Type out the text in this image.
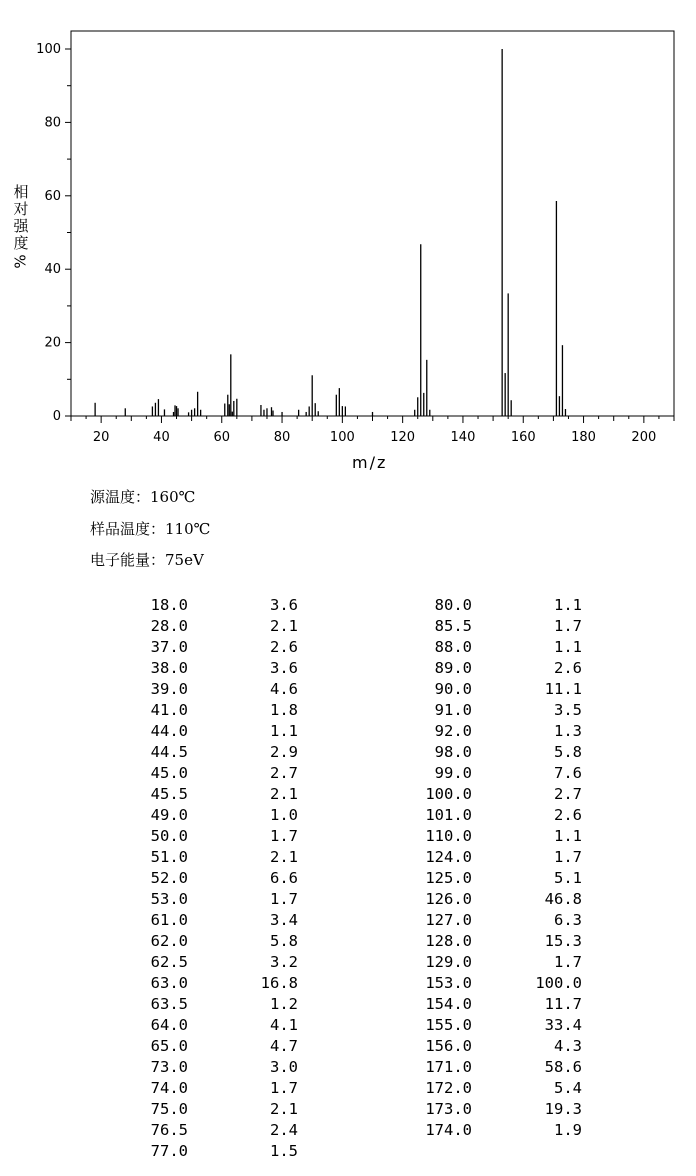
0
20
40
60
80
100
20	40	60	80	100	120	140	160	180	200
相
对
强
度
%
m/z
源温度：160℃
样品温度：110℃
电子能量：75eV
18.0	3.6
28.0	2.1
37.0	2.6
38.0	3.6
39.0	4.6
41.0	1.8
44.0	1.1
44.5	2.9
45.0	2.7
45.5	2.1
49.0	1.0
50.0	1.7
51.0	2.1
52.0	6.6
53.0	1.7
61.0	3.4
62.0	5.8
62.5	3.2
63.0	16.8
63.5	1.2
64.0	4.1
65.0	4.7
73.0	3.0
74.0	1.7
75.0	2.1
76.5	2.4
77.0	1.5
80.0	1.1
85.5	1.7
88.0	1.1
89.0	2.6
90.0	11.1
91.0	3.5
92.0	1.3
98.0	5.8
99.0	7.6
100.0	2.7
101.0	2.6
110.0	1.1
124.0	1.7
125.0	5.1
126.0	46.8
127.0	6.3
128.0	15.3
129.0	1.7
153.0	100.0
154.0	11.7
155.0	33.4
156.0	4.3
171.0	58.6
172.0	5.4
173.0	19.3
174.0	1.9
